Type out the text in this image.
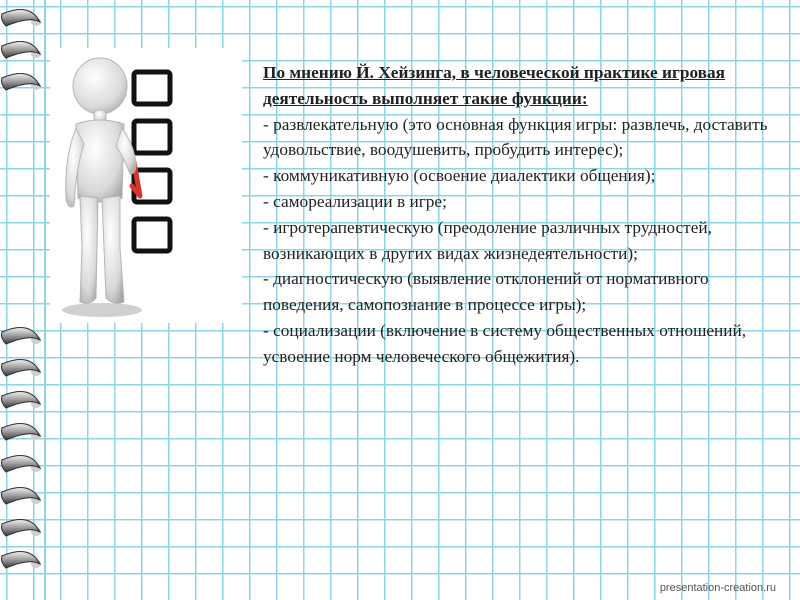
По мнению Й. Хейзинга, в человеческой практике игровая деятельность выполняет такие функции:
- развлекательную (это основная функция игры: развлечь, доставить удовольствие, воодушевить, пробудить интерес);
- коммуникативную (освоение диалектики общения);
- самореализации в игре;
- игротерапевтическую (преодоление различных трудностей, возникающих в других видах жизнедеятельности);
- диагностическую (выявление отклонений от нормативного поведения, самопознание в процессе игры);
- социализации (включение в систему общественных отношений, усвоение норм человеческого общежития).
presentation-creation.ru
